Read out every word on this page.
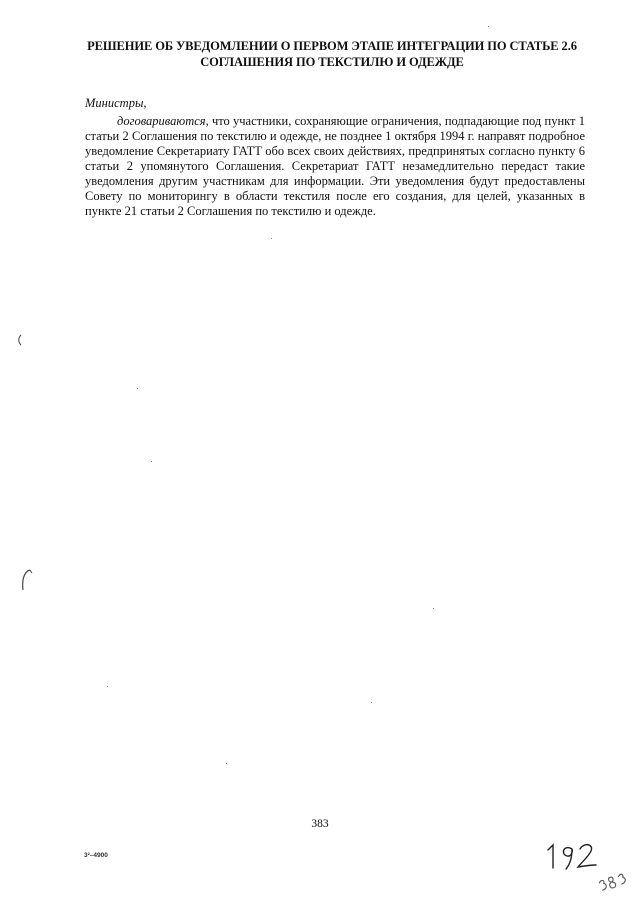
РЕШЕНИЕ ОБ УВЕДОМЛЕНИИ О ПЕРВОМ ЭТАПЕ ИНТЕГРАЦИИ ПО СТАТЬЕ 2.6 СОГЛАШЕНИЯ ПО ТЕКСТИЛЮ И ОДЕЖДЕ
Министры,
договариваются, что участники, сохраняющие ограничения, подпадающие под пункт 1 статьи 2 Соглашения по текстилю и одежде, не позднее 1 октября 1994 г. направят подробное уведомление Секретариату ГАТТ обо всех своих действиях, предпринятых согласно пункту 6 статьи 2 упомянутого Соглашения. Секретариат ГАТТ незамедлительно передаст такие уведомления другим участникам для информации. Эти уведомления будут предоставлены Совету по мониторингу в области текстиля после его создания, для целей, указанных в пункте 21 статьи 2 Соглашения по текстилю и одежде.
383
3²–4900
